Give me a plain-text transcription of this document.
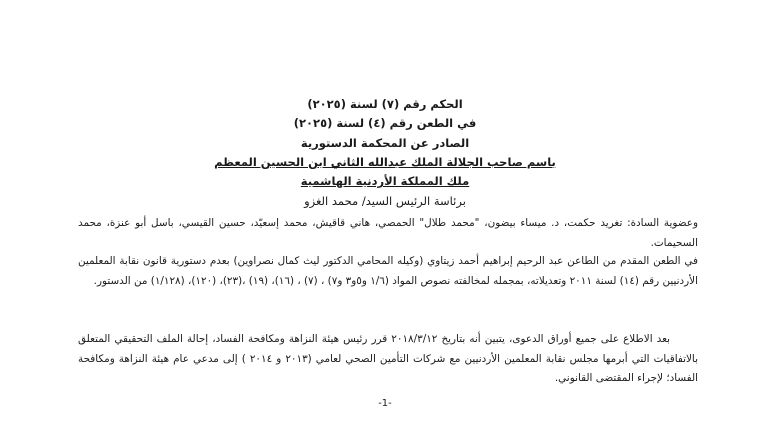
الحكم رقم (٧) لسنة (٢٠٢٥)
في الطعن رقم (٤) لسنة (٢٠٢٥)
الصادر عن المحكمة الدستورية
باسم صاحب الجلالة الملك عبدالله الثاني ابن الحسين المعظم
ملك المملكة الأردنية الهاشمية
برئاسة الرئيس السيد/ محمد الغزو

وعضوية السادة: تغريد حكمت، د. ميساء بيضون، "محمد طلال" الحمصي، هاني قاقيش، محمد إسعيّد، حسين القيسي، باسل أبو عنزة، محمد السحيمات.

في الطعن المقدم من الطاعن عبد الرحيم إبراهيم أحمد زيتاوي (وكيله المحامي الدكتور ليث كمال نصراوين) بعدم دستورية قانون نقابة المعلمين الأردنيين رقم (١٤) لسنة ٢٠١١ وتعديلاته، بمجمله لمخالفته نصوص المواد (١/٦ و٥و٣ و٧) ، (٧) ، (١٦)، (١٩) ،(٢٣)، (١٢٠)، (١/١٢٨) من الدستور.

بعد الاطلاع على جميع أوراق الدعوى، يتبين أنه بتاريخ ٢٠١٨/٣/١٢ قرر رئيس هيئة النزاهة ومكافحة الفساد، إحالة الملف التحقيقي المتعلق بالاتفاقيات التي أبرمها مجلس نقابة المعلمين الأردنيين مع شركات التأمين الصحي لعامي (٢٠١٣ و ٢٠١٤ ) إلى مدعي عام هيئة النزاهة ومكافحة الفساد؛ لإجراء المقتضى القانوني.

-1-
